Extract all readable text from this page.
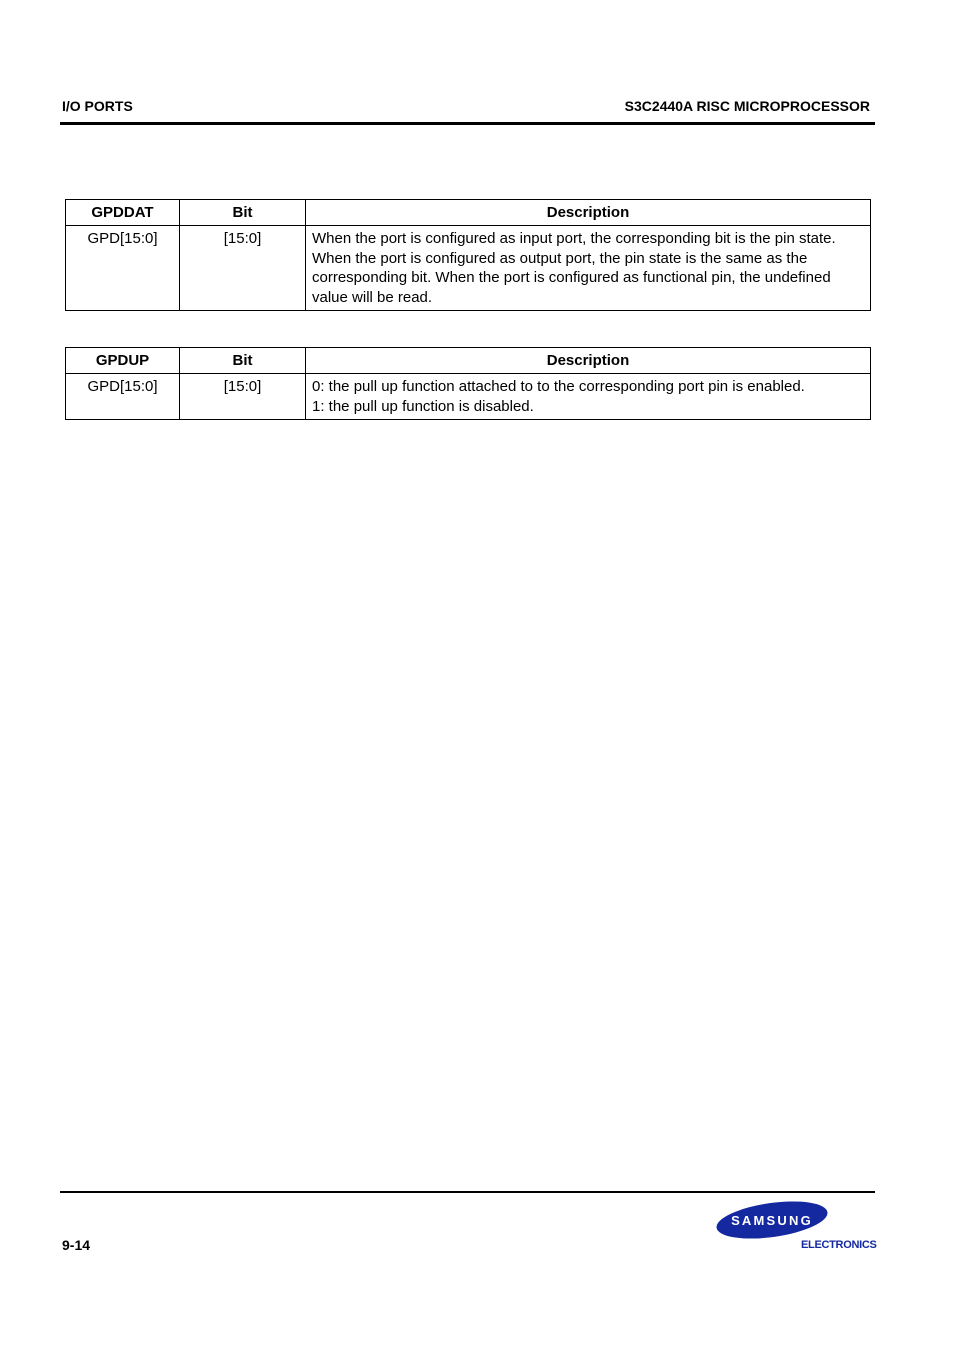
I/O PORTS	S3C2440A RISC MICROPROCESSOR
GPDDAT	Bit	Description
GPD[15:0]	[15:0]	When the port is configured as input port, the corresponding bit is the pin state. When the port is configured as output port, the pin state is the same as the corresponding bit. When the port is configured as functional pin, the undefined value will be read.
GPDUP	Bit	Description
GPD[15:0]	[15:0]	0: the pull up function attached to to the corresponding port pin is enabled.
1: the pull up function is disabled.
9-14
SAMSUNG
ELECTRONICS
